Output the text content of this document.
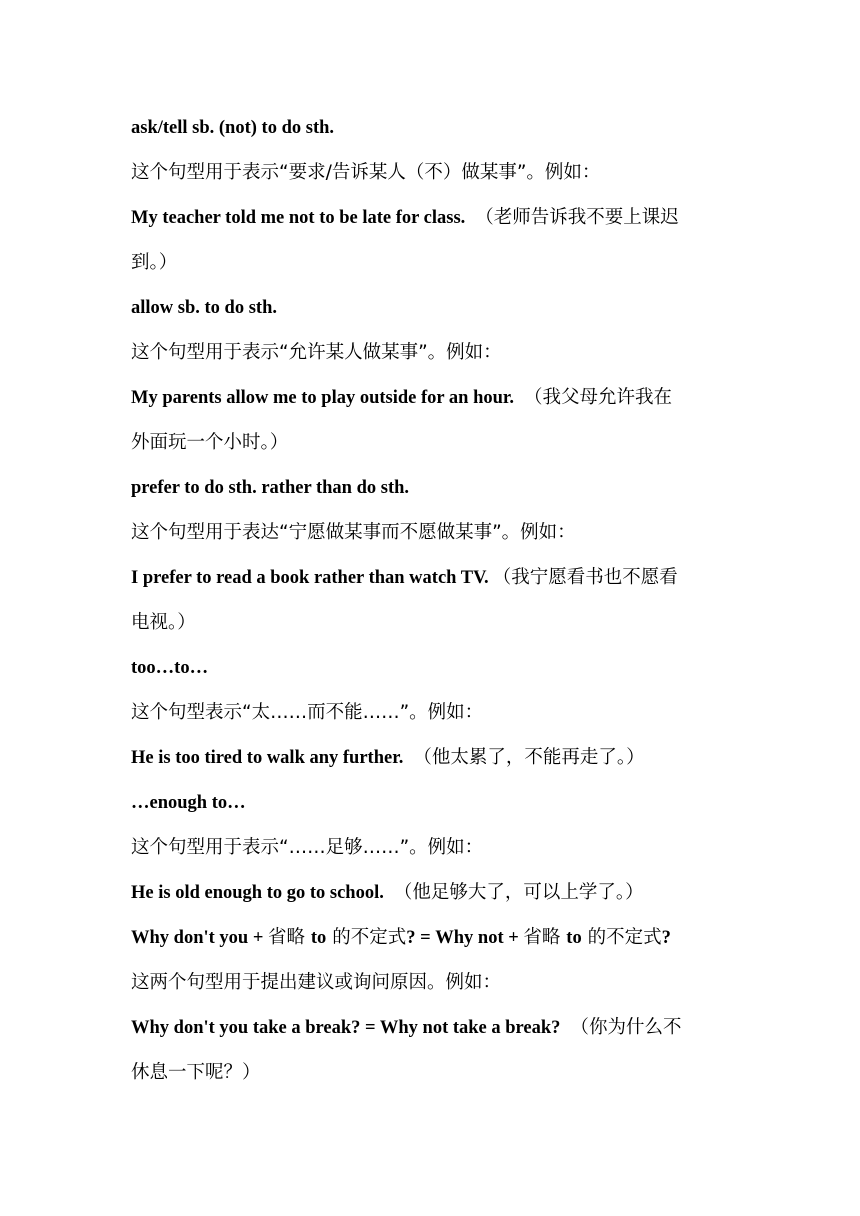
ask/tell sb. (not) to do sth.
这个句型用于表示“要求/告诉某人（不）做某事”。例如：
My teacher told me not to be late for class. （老师告诉我不要上课迟
到。）
allow sb. to do sth.
这个句型用于表示“允许某人做某事”。例如：
My parents allow me to play outside for an hour. （我父母允许我在
外面玩一个小时。）
prefer to do sth. rather than do sth.
这个句型用于表达“宁愿做某事而不愿做某事”。例如：
I prefer to read a book rather than watch TV. （我宁愿看书也不愿看
电视。）
too…to…
这个句型表示“太……而不能……”。例如：
He is too tired to walk any further. （他太累了，不能再走了。）
…enough to…
这个句型用于表示“……足够……”。例如：
He is old enough to go to school. （他足够大了，可以上学了。）
Why don't you + 省略 to 的不定式? = Why not + 省略 to 的不定式?
这两个句型用于提出建议或询问原因。例如：
Why don't you take a break? = Why not take a break? （你为什么不
休息一下呢？）
